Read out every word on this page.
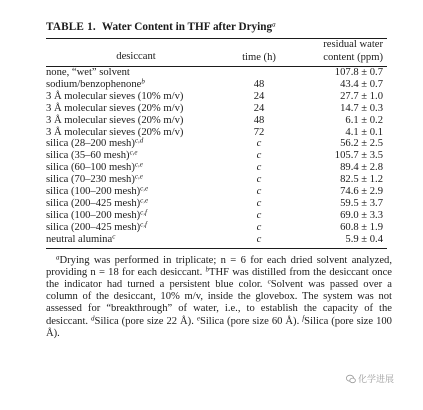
TABLE 1. Water Content in THF after Drying$^a$
desiccant	time (h)	residual water
content (ppm)

none, “wet” solvent		107.8 ± 0.7
sodium/benzophenone$^b$	48	43.4 ± 0.7
3 Å molecular sieves (10% m/v)	24	27.7 ± 1.0
3 Å molecular sieves (20% m/v)	24	14.7 ± 0.3
3 Å molecular sieves (20% m/v)	48	6.1 ± 0.2
3 Å molecular sieves (20% m/v)	72	4.1 ± 0.1
silica (28–200 mesh)$^{c,d}$	c	56.2 ± 2.5
silica (35–60 mesh)$^{c,e}$	c	105.7 ± 3.5
silica (60–100 mesh)$^{c,e}$	c	89.4 ± 2.8
silica (70–230 mesh)$^{c,e}$	c	82.5 ± 1.2
silica (100–200 mesh)$^{c,e}$	c	74.6 ± 2.9
silica (200–425 mesh)$^{c,e}$	c	59.5 ± 3.7
silica (100–200 mesh)$^{c,f}$	c	69.0 ± 3.3
silica (200–425 mesh)$^{c,f}$	c	60.8 ± 1.9
neutral alumina$^c$	c	5.9 ± 0.4

$^a$Drying was performed in triplicate; n = 6 for each dried solvent analyzed, providing n = 18 for each desiccant. $^b$THF was distilled from the desiccant once the indicator had turned a persistent blue color. $^c$Solvent was passed over a column of the desiccant, 10% m/v, inside the glovebox. The system was not assessed for “breakthrough” of water, i.e., to establish the capacity of the desiccant. $^d$Silica (pore size 22 Å). $^e$Silica (pore size 60 Å). $^f$Silica (pore size 100 Å).

化学进展
